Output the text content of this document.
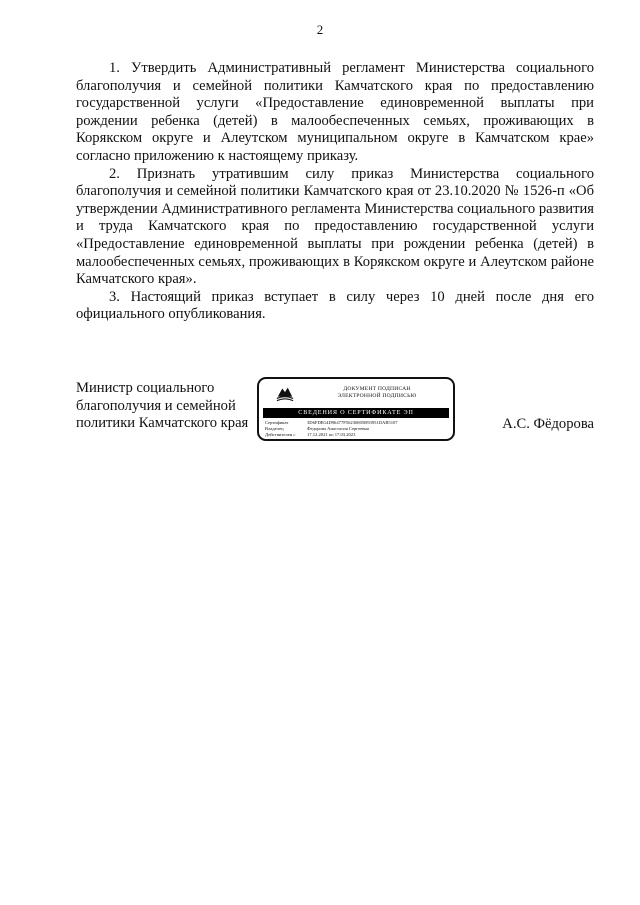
2

1. Утвердить Административный регламент Министерства социального благополучия и семейной политики Камчатского края по предоставлению государственной услуги «Предоставление единовременной выплаты при рождении ребенка (детей) в малообеспеченных семьях, проживающих в Корякском округе и Алеутском муниципальном округе в Камчатском крае» согласно приложению к настоящему приказу.

2. Признать утратившим силу приказ Министерства социального благополучия и семейной политики Камчатского края от 23.10.2020 № 1526-п «Об утверждении Административного регламента Министерства социального развития и труда Камчатского края по предоставлению государственной услуги «Предоставление единовременной выплаты при рождении ребенка (детей) в малообеспеченных семьях, проживающих в Корякском округе и Алеутском районе Камчатского края».

3. Настоящий приказ вступает в силу через 10 дней после дня его официального опубликования.

Министр социального
благополучия и семейной
политики Камчатского края
ДОКУМЕНТ ПОДПИСАН
ЭЛЕКТРОННОЙ ПОДПИСЬЮ
СВЕДЕНИЯ О СЕРТИФИКАТЕ ЭП
Сертификат	3D6FDB14D96477F56236805B93951DAB5107
Владелец	Федорова Анастасия Сергеевна
Действителен с	17.12.2021 по 17.03.2023
А.С. Фёдорова
